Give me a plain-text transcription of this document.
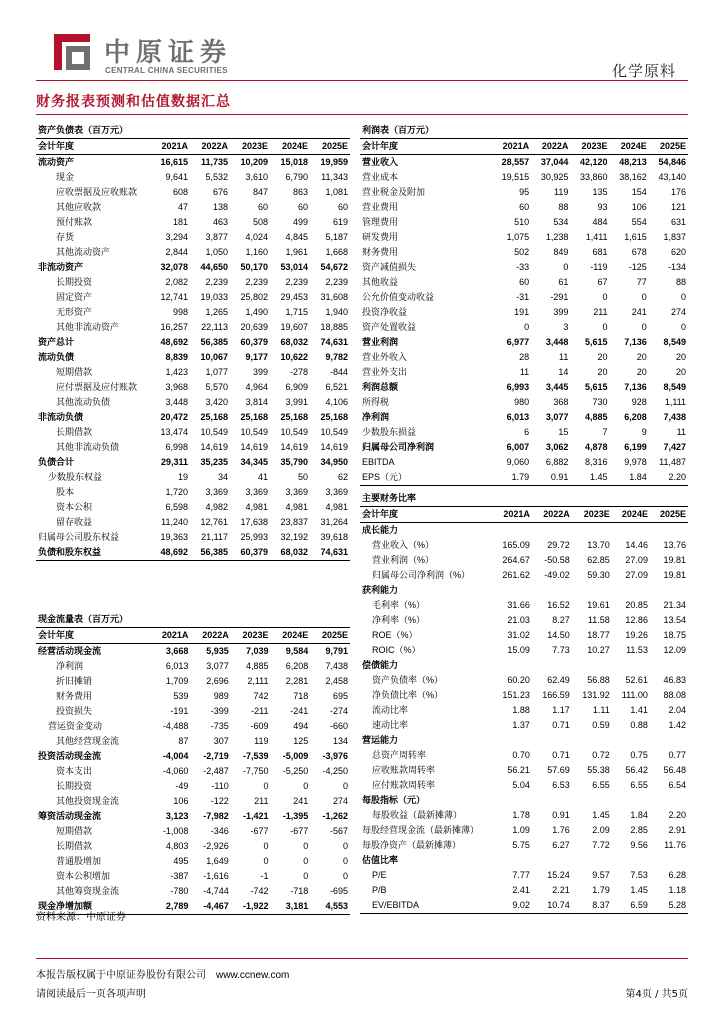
中原证券
CENTRAL CHINA SECURITIES	化学原料
财务报表预测和估值数据汇总
资产负债表（百万元）					
会计年度	2021A	2022A	2023E	2024E	2025E
流动资产	16,615	11,735	10,209	15,018	19,959
现金	9,641	5,532	3,610	6,790	11,343
应收票据及应收账款	608	676	847	863	1,081
其他应收款	47	138	60	60	60
预付账款	181	463	508	499	619
存货	3,294	3,877	4,024	4,845	5,187
其他流动资产	2,844	1,050	1,160	1,961	1,668
非流动资产	32,078	44,650	50,170	53,014	54,672
长期投资	2,082	2,239	2,239	2,239	2,239
固定资产	12,741	19,033	25,802	29,453	31,608
无形资产	998	1,265	1,490	1,715	1,940
其他非流动资产	16,257	22,113	20,639	19,607	18,885
资产总计	48,692	56,385	60,379	68,032	74,631
流动负债	8,839	10,067	9,177	10,622	9,782
短期借款	1,423	1,077	399	-278	-844
应付票据及应付账款	3,968	5,570	4,964	6,909	6,521
其他流动负债	3,448	3,420	3,814	3,991	4,106
非流动负债	20,472	25,168	25,168	25,168	25,168
长期借款	13,474	10,549	10,549	10,549	10,549
其他非流动负债	6,998	14,619	14,619	14,619	14,619
负债合计	29,311	35,235	34,345	35,790	34,950
少数股东权益	19	34	41	50	62
股本	1,720	3,369	3,369	3,369	3,369
资本公积	6,598	4,982	4,981	4,981	4,981
留存收益	11,240	12,761	17,638	23,837	31,264
归属母公司股东权益	19,363	21,117	25,993	32,192	39,618
负债和股东权益	48,692	56,385	60,379	68,032	74,631
现金流量表（百万元）					
会计年度	2021A	2022A	2023E	2024E	2025E
经营活动现金流	3,668	5,935	7,039	9,584	9,791
净利润	6,013	3,077	4,885	6,208	7,438
折旧摊销	1,709	2,696	2,111	2,281	2,458
财务费用	539	989	742	718	695
投资损失	-191	-399	-211	-241	-274
营运资金变动	-4,488	-735	-609	494	-660
其他经营现金流	87	307	119	125	134
投资活动现金流	-4,004	-2,719	-7,539	-5,009	-3,976
资本支出	-4,060	-2,487	-7,750	-5,250	-4,250
长期投资	-49	-110	0	0	0
其他投资现金流	106	-122	211	241	274
筹资活动现金流	3,123	-7,982	-1,421	-1,395	-1,262
短期借款	-1,008	-346	-677	-677	-567
长期借款	4,803	-2,926	0	0	0
普通股增加	495	1,649	0	0	0
资本公积增加	-387	-1,616	-1	0	0
其他筹资现金流	-780	-4,744	-742	-718	-695
现金净增加额	2,789	-4,467	-1,922	3,181	4,553
利润表（百万元）					
会计年度	2021A	2022A	2023E	2024E	2025E
营业收入	28,557	37,044	42,120	48,213	54,846
营业成本	19,515	30,925	33,860	38,162	43,140
营业税金及附加	95	119	135	154	176
营业费用	60	88	93	106	121
管理费用	510	534	484	554	631
研发费用	1,075	1,238	1,411	1,615	1,837
财务费用	502	849	681	678	620
资产减值损失	-33	0	-119	-125	-134
其他收益	60	61	67	77	88
公允价值变动收益	-31	-291	0	0	0
投资净收益	191	399	211	241	274
资产处置收益	0	3	0	0	0
营业利润	6,977	3,448	5,615	7,136	8,549
营业外收入	28	11	20	20	20
营业外支出	11	14	20	20	20
利润总额	6,993	3,445	5,615	7,136	8,549
所得税	980	368	730	928	1,111
净利润	6,013	3,077	4,885	6,208	7,438
少数股东损益	6	15	7	9	11
归属母公司净利润	6,007	3,062	4,878	6,199	7,427
EBITDA	9,060	6,882	8,316	9,978	11,487
EPS（元）	1.79	0.91	1.45	1.84	2.20
主要财务比率					
会计年度	2021A	2022A	2023E	2024E	2025E
成长能力					
营业收入（%）	165.09	29.72	13.70	14.46	13.76
营业利润（%）	264.67	-50.58	62.85	27.09	19.81
归属母公司净利润（%）	261.62	-49.02	59.30	27.09	19.81
获利能力					
毛利率（%）	31.66	16.52	19.61	20.85	21.34
净利率（%）	21.03	8.27	11.58	12.86	13.54
ROE（%）	31.02	14.50	18.77	19.26	18.75
ROIC（%）	15.09	7.73	10.27	11.53	12.09
偿债能力					
资产负债率（%）	60.20	62.49	56.88	52.61	46.83
净负债比率（%）	151.23	166.59	131.92	111.00	88.08
流动比率	1.88	1.17	1.11	1.41	2.04
速动比率	1.37	0.71	0.59	0.88	1.42
营运能力					
总资产周转率	0.70	0.71	0.72	0.75	0.77
应收账款周转率	56.21	57.69	55.38	56.42	56.48
应付账款周转率	5.04	6.53	6.55	6.55	6.54
每股指标（元）					
每股收益（最新摊薄）	1.78	0.91	1.45	1.84	2.20
每股经营现金流（最新摊薄）	1.09	1.76	2.09	2.85	2.91
每股净资产（最新摊薄）	5.75	6.27	7.72	9.56	11.76
估值比率					
P/E	7.77	15.24	9.57	7.53	6.28
P/B	2.41	2.21	1.79	1.45	1.18
EV/EBITDA	9.02	10.74	8.37	6.59	5.28
资料来源：中原证券
本报告版权属于中原证券股份有限公司 www.ccnew.com
请阅读最后一页各项声明	第4页 / 共5页
